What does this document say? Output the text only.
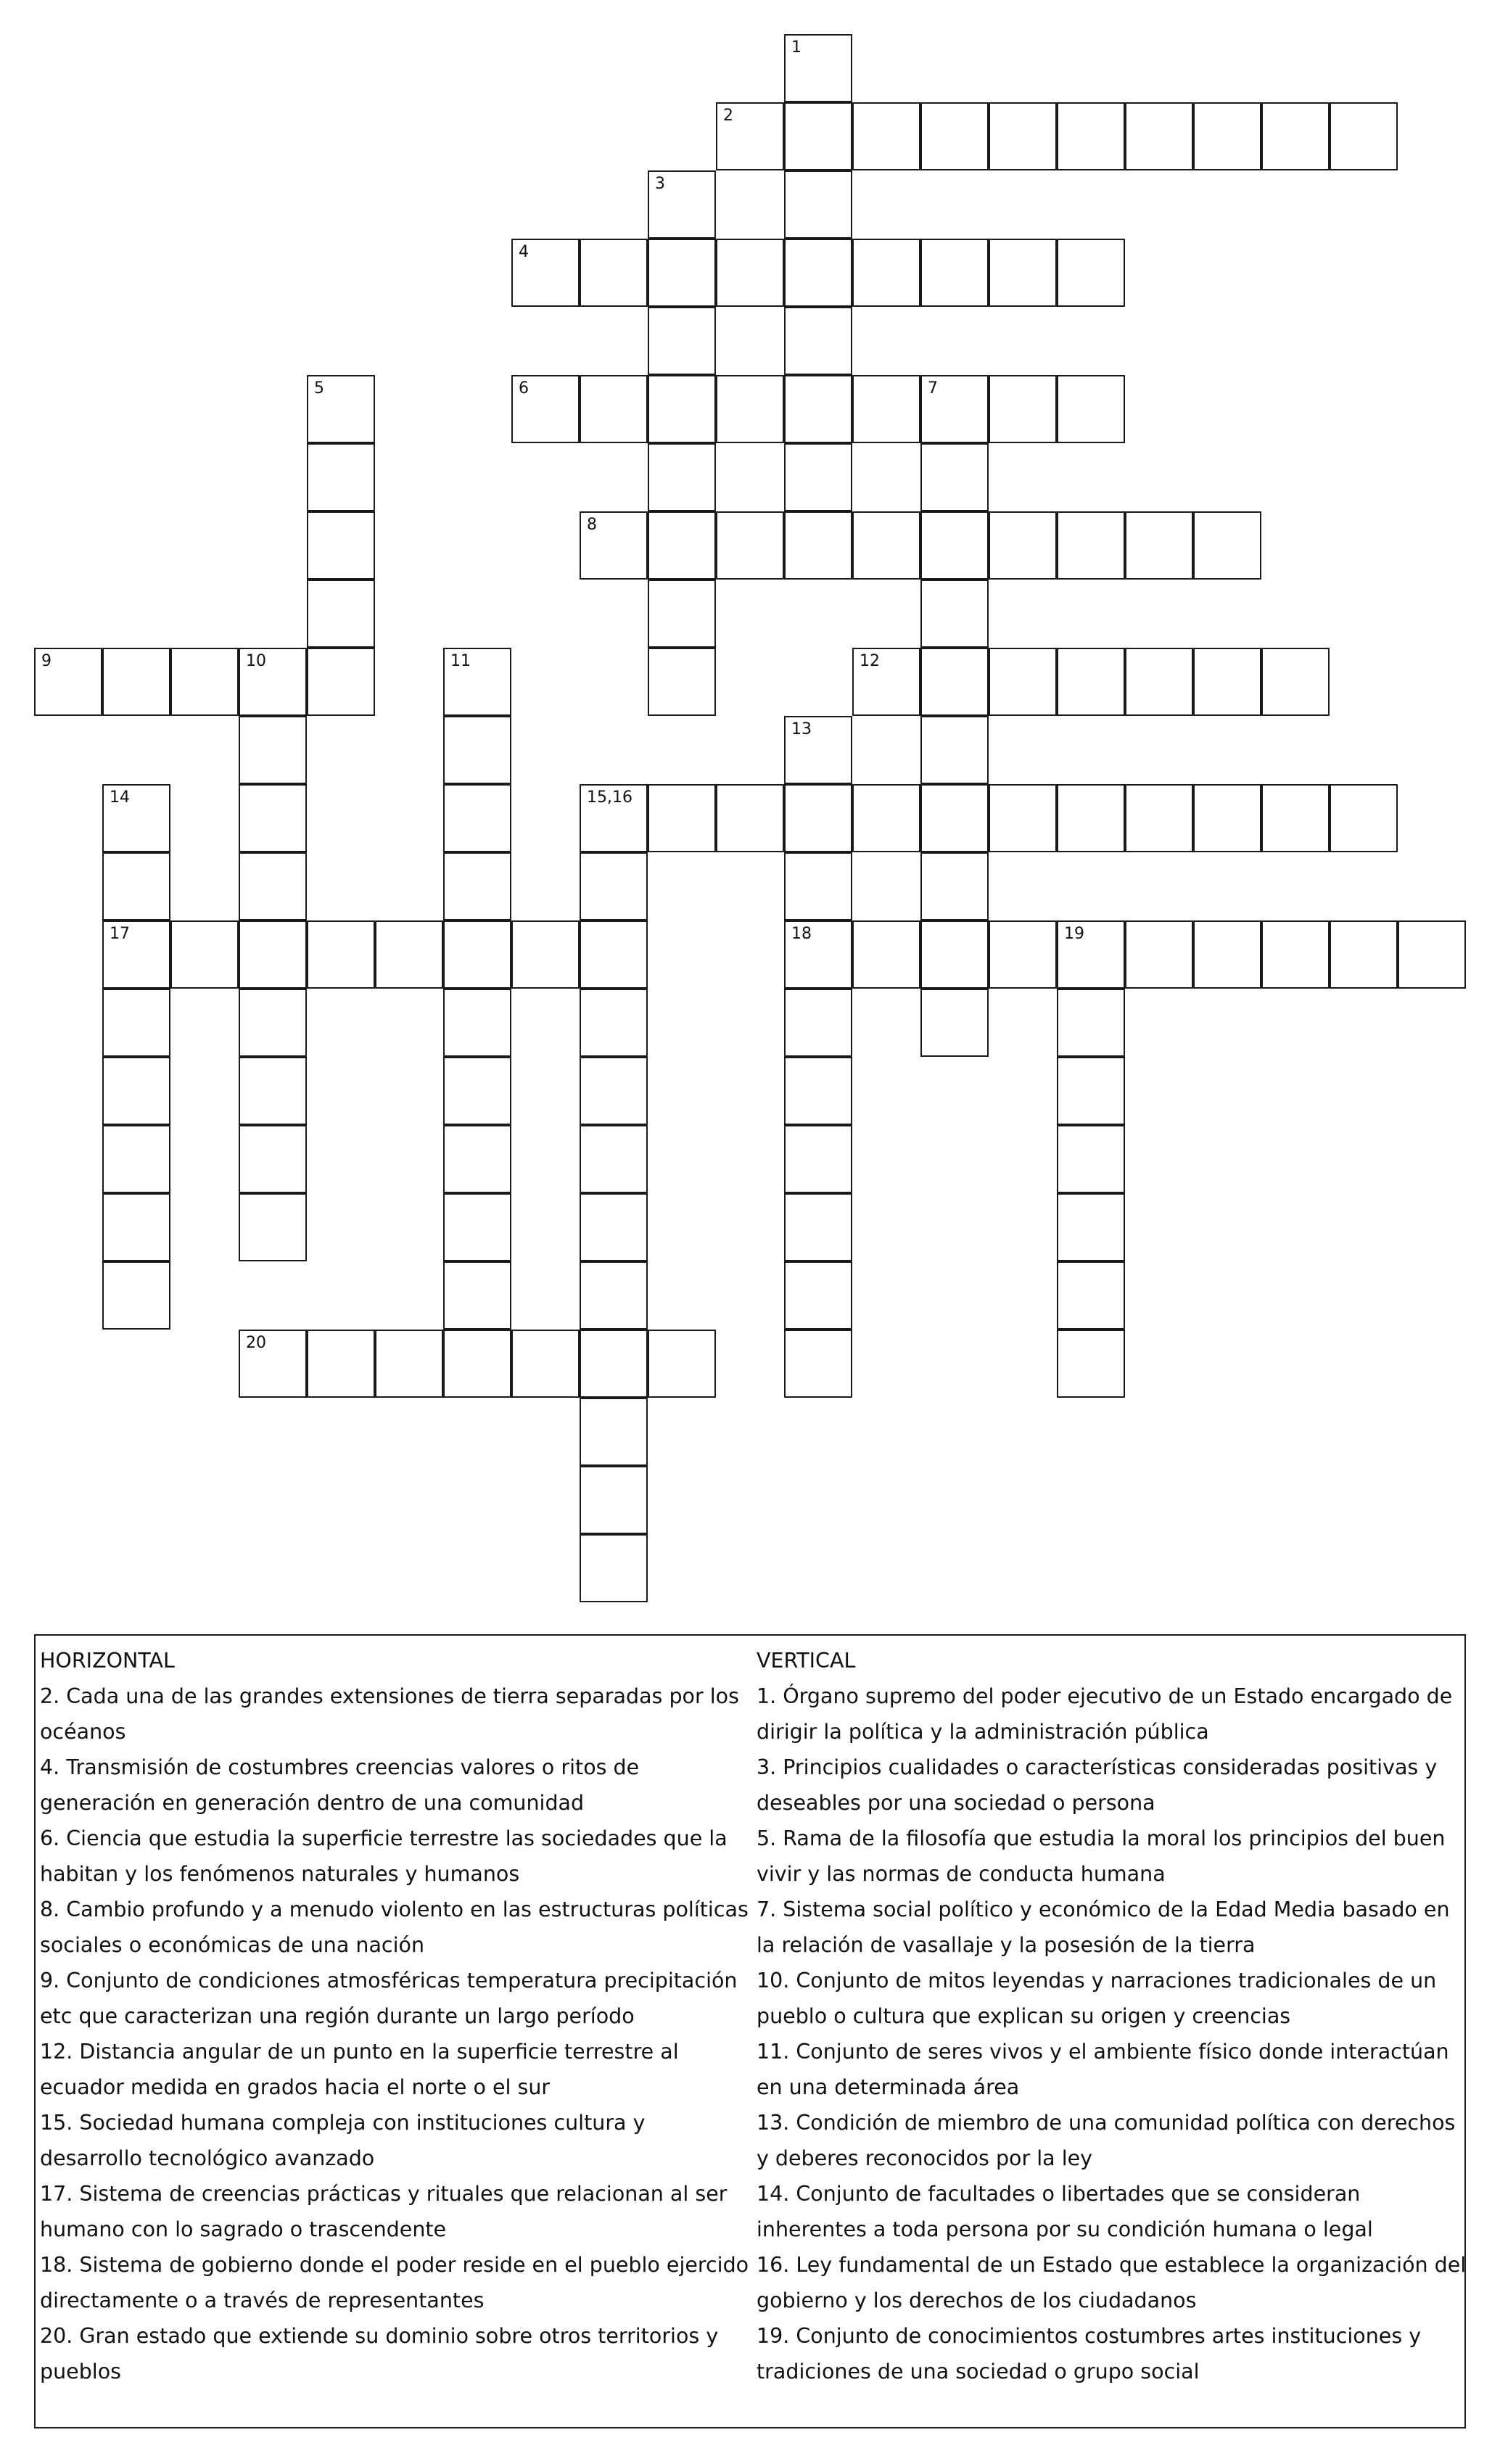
1
2
3
4
5	6	7
8
9	10	11	12
13
18
14
17
15,16
19
20
HORIZONTAL
2. Cada una de las grandes extensiones de tierra separadas por los océanos
4. Transmisión de costumbres creencias valores o ritos de generación en generación dentro de una comunidad
6. Ciencia que estudia la superficie terrestre las sociedades que la habitan y los fenómenos naturales y humanos
8. Cambio profundo y a menudo violento en las estructuras políticas sociales o económicas de una nación
9. Conjunto de condiciones atmosféricas temperatura precipitación etc que caracterizan una región durante un largo período
12. Distancia angular de un punto en la superficie terrestre al ecuador medida en grados hacia el norte o el sur
15. Sociedad humana compleja con instituciones cultura y desarrollo tecnológico avanzado
17. Sistema de creencias prácticas y rituales que relacionan al ser humano con lo sagrado o trascendente
18. Sistema de gobierno donde el poder reside en el pueblo ejercido directamente o a través de representantes
20. Gran estado que extiende su dominio sobre otros territorios y pueblos
VERTICAL
1. Órgano supremo del poder ejecutivo de un Estado encargado de dirigir la política y la administración pública
3. Principios cualidades o características consideradas positivas y deseables por una sociedad o persona
5. Rama de la filosofía que estudia la moral los principios del buen vivir y las normas de conducta humana
7. Sistema social político y económico de la Edad Media basado en la relación de vasallaje y la posesión de la tierra
10. Conjunto de mitos leyendas y narraciones tradicionales de un pueblo o cultura que explican su origen y creencias
11. Conjunto de seres vivos y el ambiente físico donde interactúan en una determinada área
13. Condición de miembro de una comunidad política con derechos y deberes reconocidos por la ley
14. Conjunto de facultades o libertades que se consideran inherentes a toda persona por su condición humana o legal
16. Ley fundamental de un Estado que establece la organización del gobierno y los derechos de los ciudadanos
19. Conjunto de conocimientos costumbres artes instituciones y tradiciones de una sociedad o grupo social
